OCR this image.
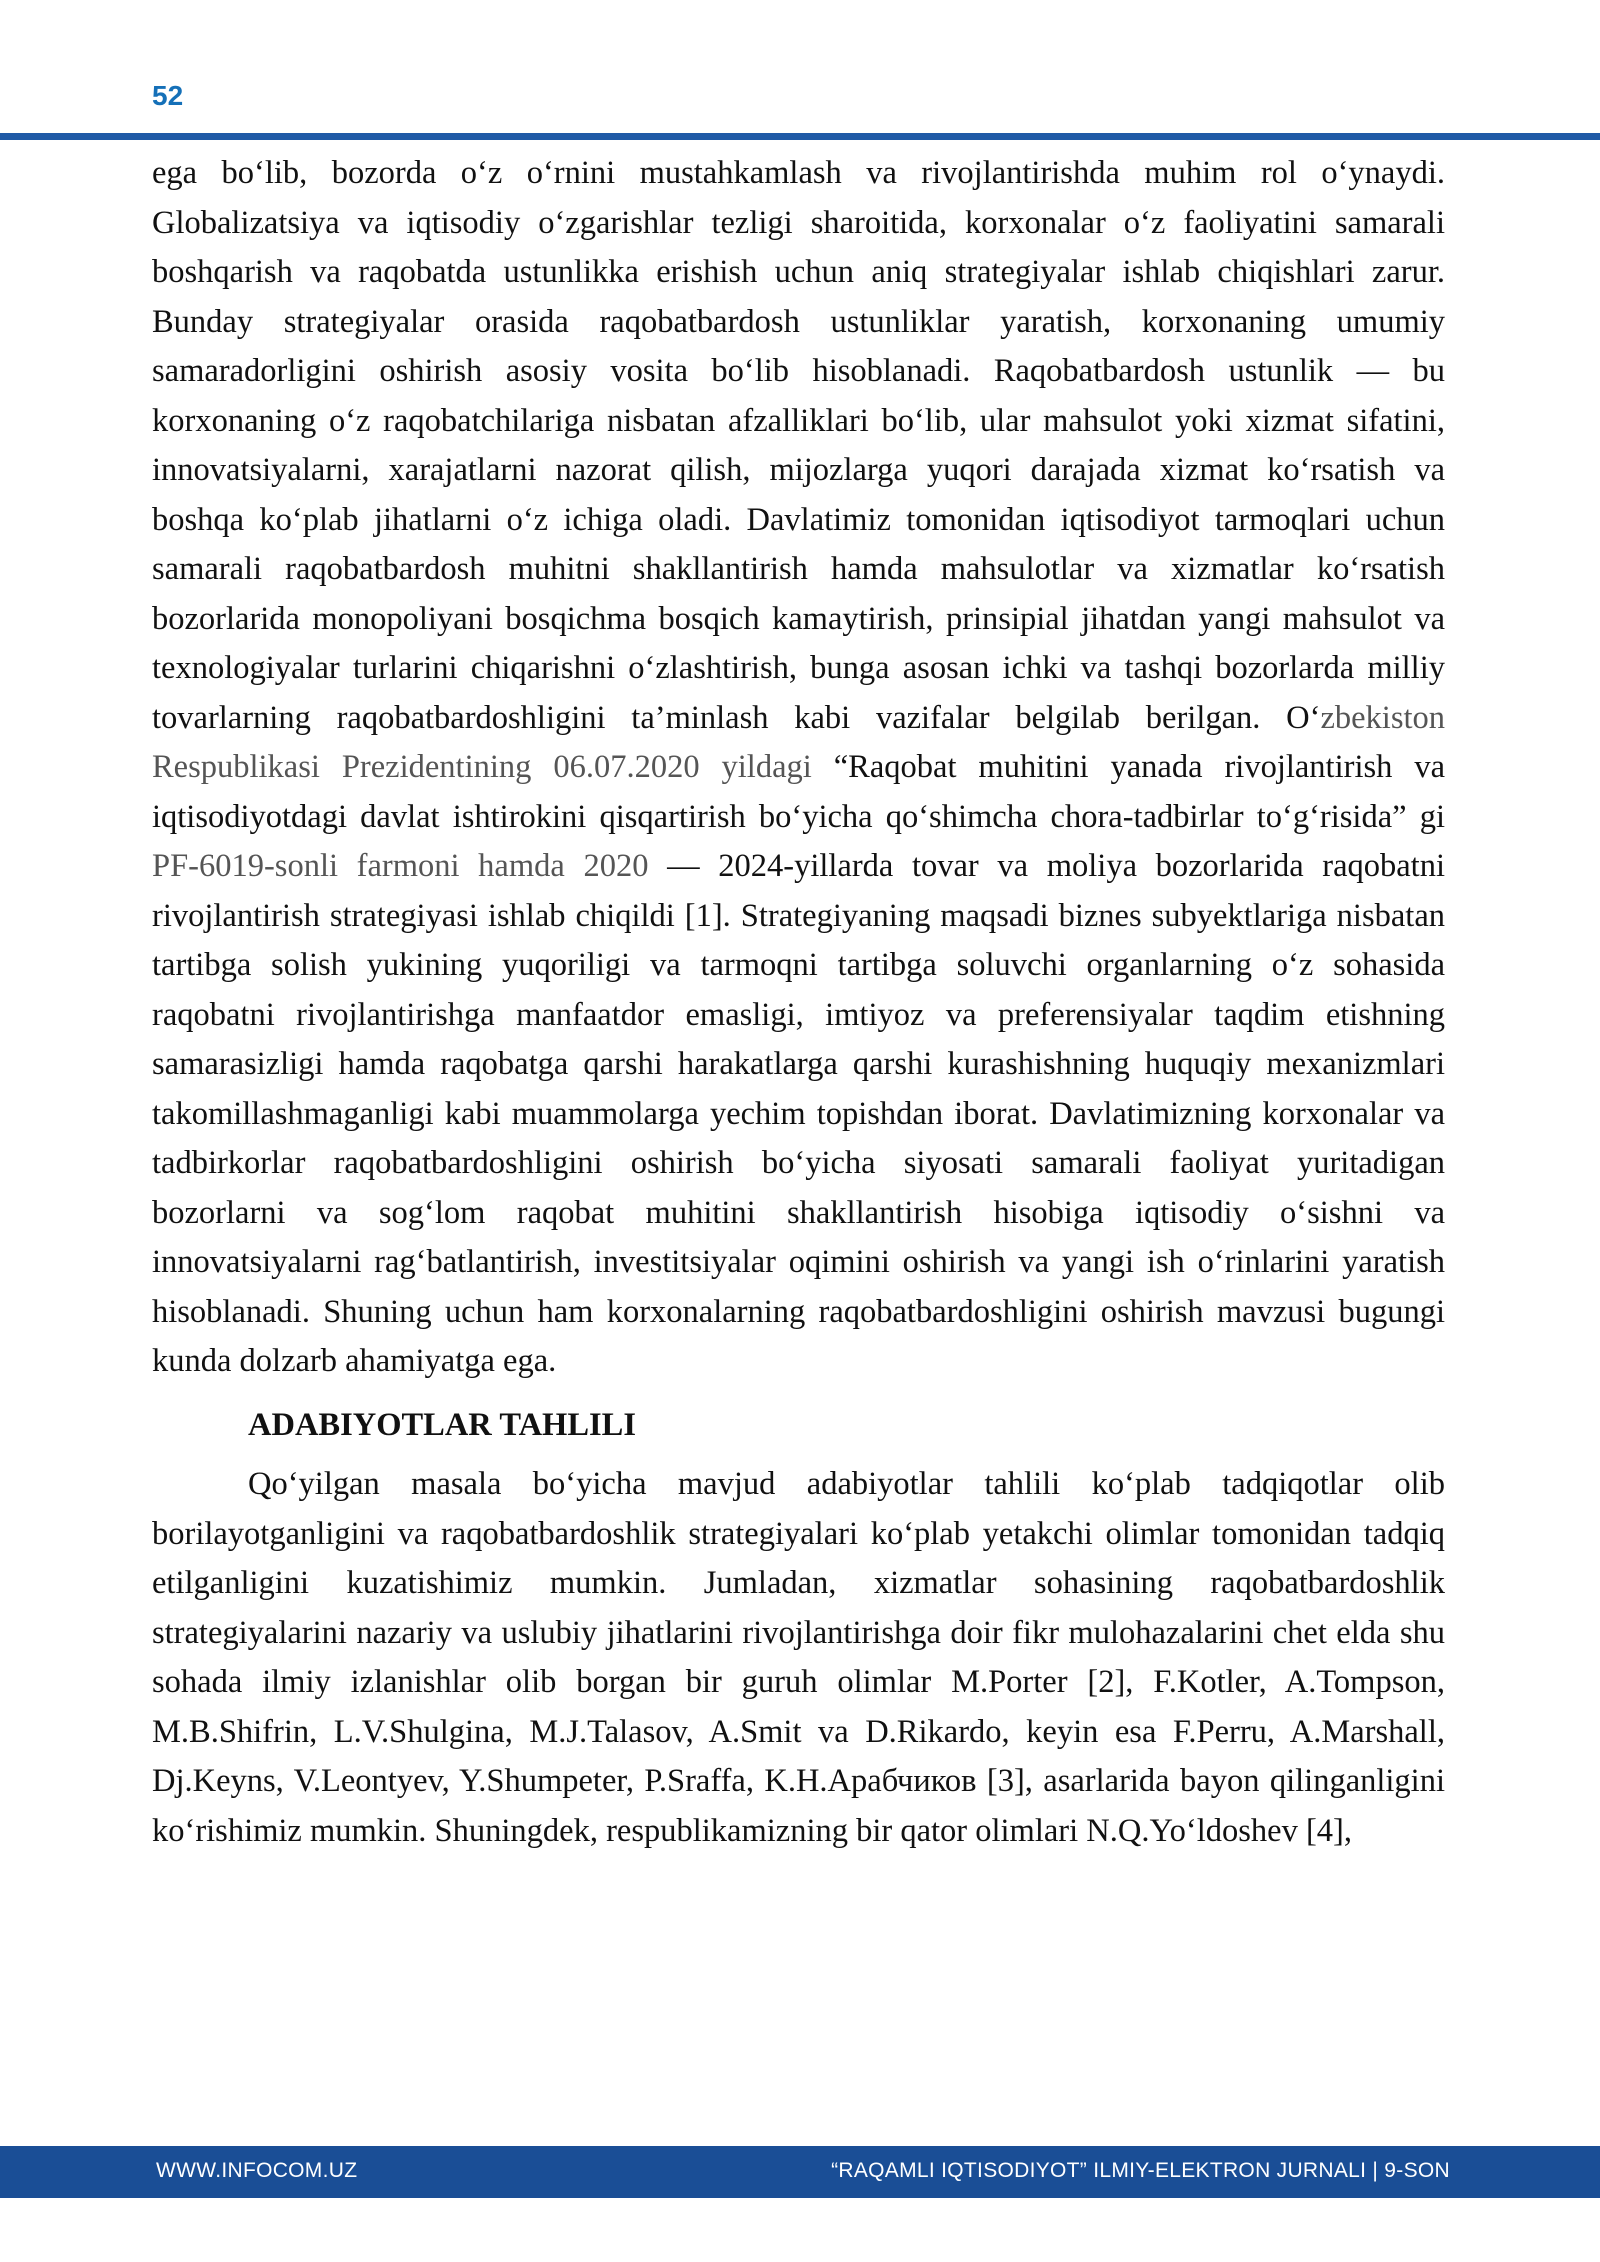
52

ega bo‘lib, bozorda o‘z o‘rnini mustahkamlash va rivojlantirishda muhim rol o‘ynaydi. Globalizatsiya va iqtisodiy o‘zgarishlar tezligi sharoitida, korxonalar o‘z faoliyatini samarali boshqarish va raqobatda ustunlikka erishish uchun aniq strategiyalar ishlab chiqishlari zarur. Bunday strategiyalar orasida raqobatbardosh ustunliklar yaratish, korxonaning umumiy samaradorligini oshirish asosiy vosita bo‘lib hisoblanadi. Raqobatbardosh ustunlik — bu korxonaning o‘z raqobatchilariga nisbatan afzalliklari bo‘lib, ular mahsulot yoki xizmat sifatini, innovatsiyalarni, xarajatlarni nazorat qilish, mijozlarga yuqori darajada xizmat ko‘rsatish va boshqa ko‘plab jihatlarni o‘z ichiga oladi. Davlatimiz tomonidan iqtisodiyot tarmoqlari uchun samarali raqobatbardosh muhitni shakllantirish hamda mahsulotlar va xizmatlar ko‘rsatish bozorlarida monopoliyani bosqichma bosqich kamaytirish, prinsipial jihatdan yangi mahsulot va texnologiyalar turlarini chiqarishni o‘zlashtirish, bunga asosan ichki va tashqi bozorlarda milliy tovarlarning raqobatbardoshligini ta’minlash kabi vazifalar belgilab berilgan. O‘zbekiston Respublikasi Prezidentining 06.07.2020 yildagi “Raqobat muhitini yanada rivojlantirish va iqtisodiyotdagi davlat ishtirokini qisqartirish bo‘yicha qo‘shimcha chora-tadbirlar to‘g‘risida” gi PF-6019-sonli farmoni hamda 2020 — 2024-yillarda tovar va moliya bozorlarida raqobatni rivojlantirish strategiyasi ishlab chiqildi [1]. Strategiyaning maqsadi biznes subyektlariga nisbatan tartibga solish yukining yuqoriligi va tarmoqni tartibga soluvchi organlarning o‘z sohasida raqobatni rivojlantirishga manfaatdor emasligi, imtiyoz va preferensiyalar taqdim etishning samarasizligi hamda raqobatga qarshi harakatlarga qarshi kurashishning huquqiy mexanizmlari takomillashmaganligi kabi muammolarga yechim topishdan iborat. Davlatimizning korxonalar va tadbirkorlar raqobatbardoshligini oshirish bo‘yicha siyosati samarali faoliyat yuritadigan bozorlarni va sog‘lom raqobat muhitini shakllantirish hisobiga iqtisodiy o‘sishni va innovatsiyalarni rag‘batlantirish, investitsiyalar oqimini oshirish va yangi ish o‘rinlarini yaratish hisoblanadi. Shuning uchun ham korxonalarning raqobatbardoshligini oshirish mavzusi bugungi kunda dolzarb ahamiyatga ega.

ADABIYOTLAR TAHLILI

Qo‘yilgan masala bo‘yicha mavjud adabiyotlar tahlili ko‘plab tadqiqotlar olib borilayotganligini va raqobatbardoshlik strategiyalari ko‘plab yetakchi olimlar tomonidan tadqiq etilganligini kuzatishimiz mumkin. Jumladan, xizmatlar sohasining raqobatbardoshlik strategiyalarini nazariy va uslubiy jihatlarini rivojlantirishga doir fikr mulohazalarini chet elda shu sohada ilmiy izlanishlar olib borgan bir guruh olimlar M.Porter [2], F.Kotler, A.Tompson, M.B.Shifrin, L.V.Shulgina, M.J.Talasov, A.Smit va D.Rikardo, keyin esa F.Perru, A.Marshall, Dj.Keyns, V.Leontyev, Y.Shumpeter, P.Sraffa, K.H.Арабчиков [3], asarlarida bayon qilinganligini ko‘rishimiz mumkin. Shuningdek, respublikamizning bir qator olimlari N.Q.Yo‘ldoshev [4],

WWW.INFOCOM.UZ	“RAQAMLI IQTISODIYOT” ILMIY-ELEKTRON JURNALI | 9-SON
